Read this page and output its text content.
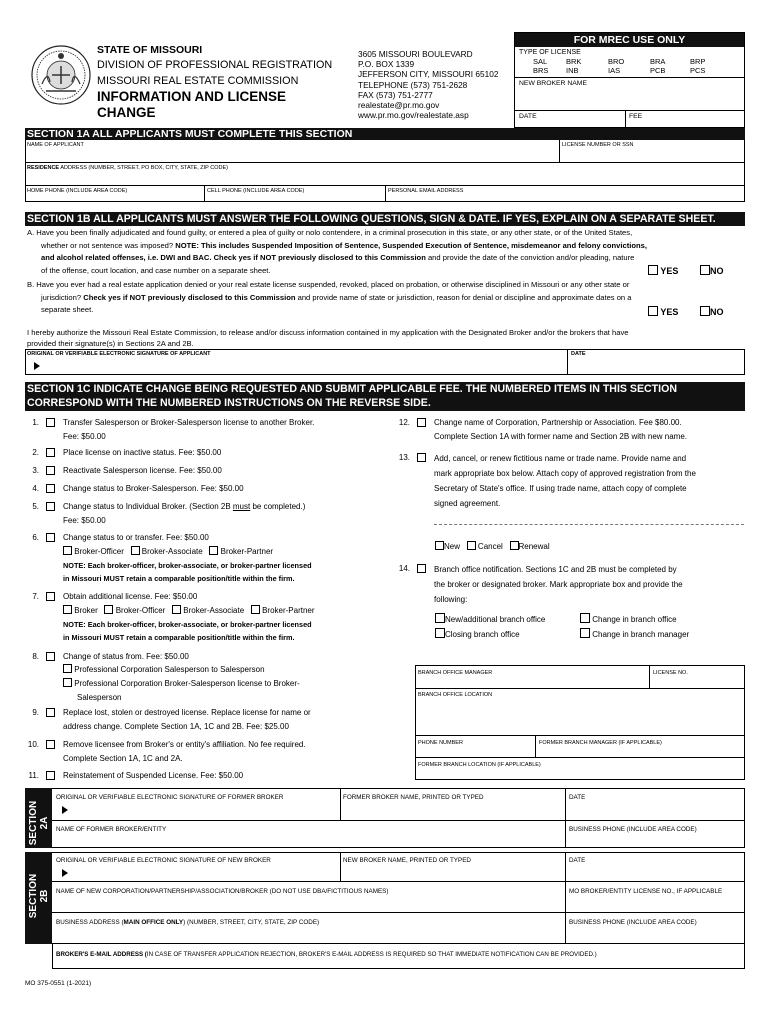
STATE OF MISSOURI
DIVISION OF PROFESSIONAL REGISTRATION
MISSOURI REAL ESTATE COMMISSION
INFORMATION AND LICENSE
CHANGE
3605 MISSOURI BOULEVARD
P.O. BOX 1339
JEFFERSON CITY, MISSOURI 65102
TELEPHONE (573) 751-2628
FAX (573) 751-2777
realestate@pr.mo.gov
www.pr.mo.gov/realestate.asp
FOR MREC USE ONLY
TYPE OF LICENSE
SAL	BRK	BRO	BRA	BRP
BRS INB	IAS	PCB	PCS
NEW BROKER NAME
DATE	FEE
SECTION 1A ALL APPLICANTS MUST COMPLETE THIS SECTION
NAME OF APPLICANT	LICENSE NUMBER OR SSN
RESIDENCE ADDRESS (NUMBER, STREET, PO BOX, CITY, STATE, ZIP CODE)
HOME PHONE (INCLUDE AREA CODE)	CELL PHONE (INCLUDE AREA CODE)	PERSONAL EMAIL ADDRESS
SECTION 1B ALL APPLICANTS MUST ANSWER THE FOLLOWING QUESTIONS, SIGN & DATE. IF YES, EXPLAIN ON A SEPARATE SHEET.
A. Have you been finally adjudicated and found guilty, or entered a plea of guilty or nolo contendere, in a criminal prosecution in this state, or any other state, or of the United States,
whether or not sentence was imposed? NOTE: This includes Suspended Imposition of Sentence, Suspended Execution of Sentence, misdemeanor and felony convictions,
and alcohol related offenses, i.e. DWI and BAC. Check yes if NOT previously disclosed to this Commission and provide the date of the conviction and/or pleading, nature
of the offense, court location, and case number on a separate sheet.	YES	NO
B. Have you ever had a real estate application denied or your real estate license suspended, revoked, placed on probation, or otherwise disciplined in Missouri or any other state or
jurisdiction? Check yes if NOT previously disclosed to this Commission and provide name of state or jurisdiction, reason for denial or discipline and approximate dates on a
separate sheet.	YES	NO
I hereby authorize the Missouri Real Estate Commission, to release and/or discuss information contained in my application with the Designated Broker and/or the brokers that have
provided their signature(s) in Sections 2A and 2B.
ORIGINAL OR VERIFIABLE ELECTRONIC SIGNATURE OF APPLICANT	DATE
SECTION 1C INDICATE CHANGE BEING REQUESTED AND SUBMIT APPLICABLE FEE. THE NUMBERED ITEMS IN THIS SECTION
CORRESPOND WITH THE NUMBERED INSTRUCTIONS ON THE REVERSE SIDE.
1.	Transfer Salesperson or Broker-Salesperson license to another Broker.
Fee: $50.00
2.	Place license on inactive status. Fee: $50.00
3.	Reactivate Salesperson license. Fee: $50.00
4.	Change status to Broker-Salesperson. Fee: $50.00
5.	Change status to Individual Broker. (Section 2B must be completed.)
Fee: $50.00
6.	Change status to or transfer. Fee: $50.00
Broker-Officer Broker-Associate Broker-Partner
NOTE: Each broker-officer, broker-associate, or broker-partner licensed
in Missouri MUST retain a comparable position/title within the firm.
7.	Obtain additional license. Fee: $50.00
Broker Broker-Officer Broker-Associate Broker-Partner
NOTE: Each broker-officer, broker-associate, or broker-partner licensed
in Missouri MUST retain a comparable position/title within the firm.
8.	Change of status from. Fee: $50.00
Professional Corporation Salesperson to Salesperson
Professional Corporation Broker-Salesperson license to Broker-
Salesperson
9.	Replace lost, stolen or destroyed license. Replace license for name or
address change. Complete Section 1A, 1C and 2B. Fee: $25.00
10.	Remove licensee from Broker's or entity's affiliation. No fee required.
Complete Section 1A, 1C and 2A.
11.	Reinstatement of Suspended License. Fee: $50.00
12.	Change name of Corporation, Partnership or Association. Fee $80.00.
Complete Section 1A with former name and Section 2B with new name.
13.	Add, cancel, or renew fictitious name or trade name. Provide name and
mark appropriate box below. Attach copy of approved registration from the
Secretary of State's office. If using trade name, attach copy of complete
signed agreement.
New Cancel Renewal
14.	Branch office notification. Sections 1C and 2B must be completed by
the broker or designated broker. Mark appropriate box and provide the
following:
New/additional branch office	Change in branch office
Closing branch office	Change in branch manager
BRANCH OFFICE MANAGER	LICENSE NO.
BRANCH OFFICE LOCATION
PHONE NUMBER	FORMER BRANCH MANAGER (IF APPLICABLE)
FORMER BRANCH LOCATION (IF APPLICABLE)
SECTION 2A
ORIGINAL OR VERIFIABLE ELECTRONIC SIGNATURE OF FORMER BROKER	FORMER BROKER NAME, PRINTED OR TYPED	DATE
NAME OF FORMER BROKER/ENTITY	BUSINESS PHONE (INCLUDE AREA CODE)
SECTION 2B
ORIGINAL OR VERIFIABLE ELECTRONIC SIGNATURE OF NEW BROKER	NEW BROKER NAME, PRINTED OR TYPED	DATE
NAME OF NEW CORPORATION/PARTNERSHIP/ASSOCIATION/BROKER (DO NOT USE DBA/FICTITIOUS NAMES)	MO BROKER/ENTITY LICENSE NO., IF APPLICABLE
BUSINESS ADDRESS (MAIN OFFICE ONLY) (NUMBER, STREET, CITY, STATE, ZIP CODE)	BUSINESS PHONE (INCLUDE AREA CODE)
BROKER'S E-MAIL ADDRESS (IN CASE OF TRANSFER APPLICATION REJECTION, BROKER'S E-MAIL ADDRESS IS REQUIRED SO THAT IMMEDIATE NOTIFICATION CAN BE PROVIDED.)
MO 375-0551 (1-2021)
